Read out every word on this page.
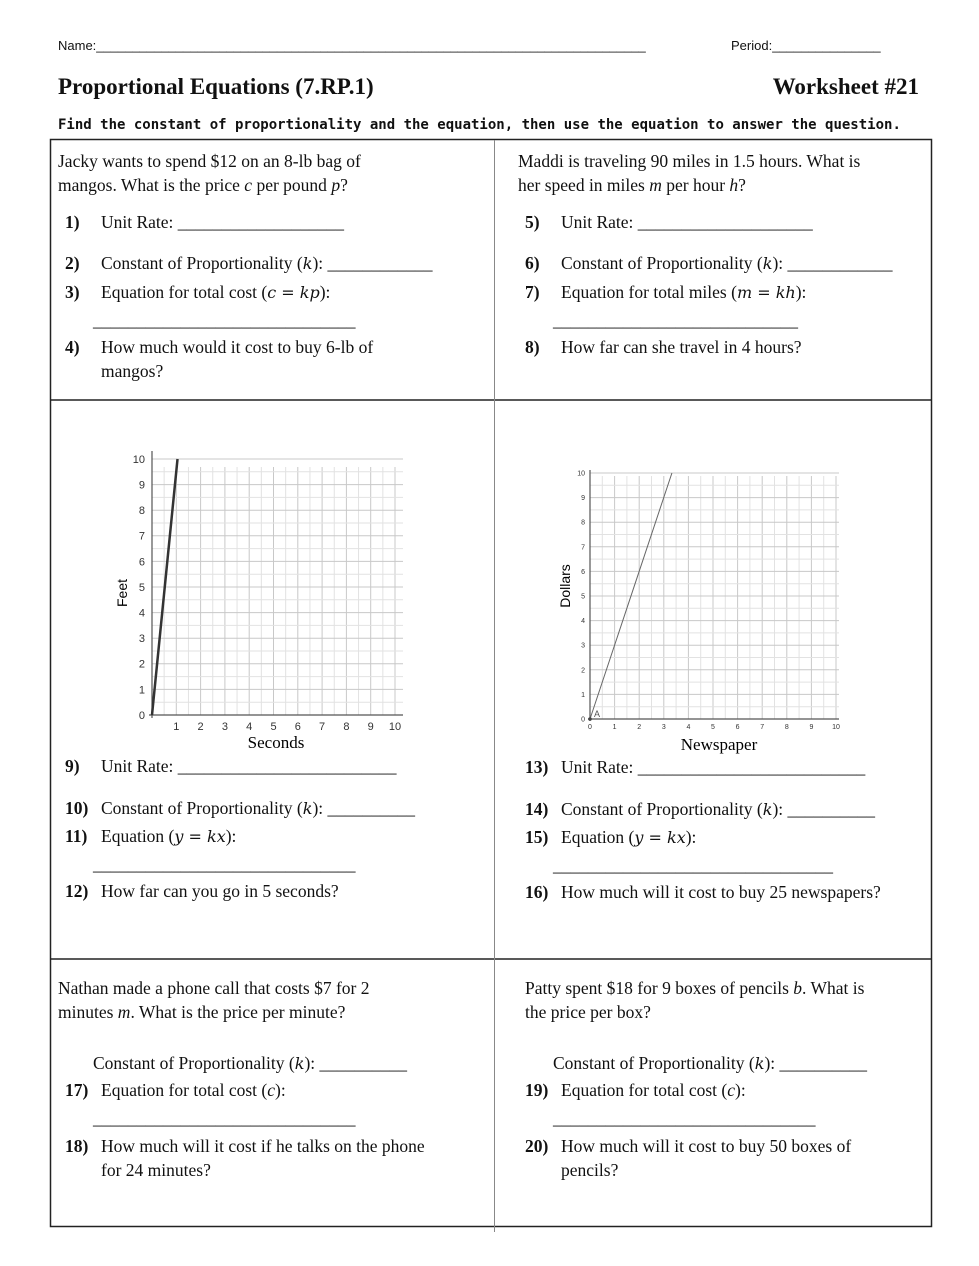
Name:____________________________________________________________________________	Period:_______________
Proportional Equations (7.RP.1)	Worksheet #21
Find the constant of proportionality and the equation, then use the equation to answer the question.
Jacky wants to spend $12 on an 8-lb bag of
mangos. What is the price c per pound p?
1) Unit Rate: ___________________
2) Constant of Proportionality (k): ____________
3) Equation for total cost (c = kp):
______________________________
4) How much would it cost to buy 6-lb of
mangos?
Maddi is traveling 90 miles in 1.5 hours. What is
her speed in miles m per hour h?
5) Unit Rate: ____________________
6) Constant of Proportionality (k): ____________
7) Equation for total miles (m = kh):
____________________________
8) How far can she travel in 4 hours?
Feet
Seconds
0
1
2
3
4
5
6
7
8
9
10
1 2 3 4 5 6 7 8 9 10
9) Unit Rate: _________________________
10) Constant of Proportionality (k): __________
11) Equation (y = kx):
______________________________
12) How far can you go in 5 seconds?
Dollars
Newspaper
0
1
2
3
4
5
6
7
8
9
10
0	1	2	3	4	5	6	7	8	9	10
A
13) Unit Rate: __________________________
14) Constant of Proportionality (k): __________
15) Equation (y = kx):
________________________________
16) How much will it cost to buy 25 newspapers?
Nathan made a phone call that costs $7 for 2
minutes m. What is the price per minute?
Constant of Proportionality (k): __________
17) Equation for total cost (c):
______________________________
18) How much will it cost if he talks on the phone
for 24 minutes?
Patty spent $18 for 9 boxes of pencils b. What is
the price per box?
Constant of Proportionality (k): __________
19) Equation for total cost (c):
______________________________
20) How much will it cost to buy 50 boxes of
pencils?
